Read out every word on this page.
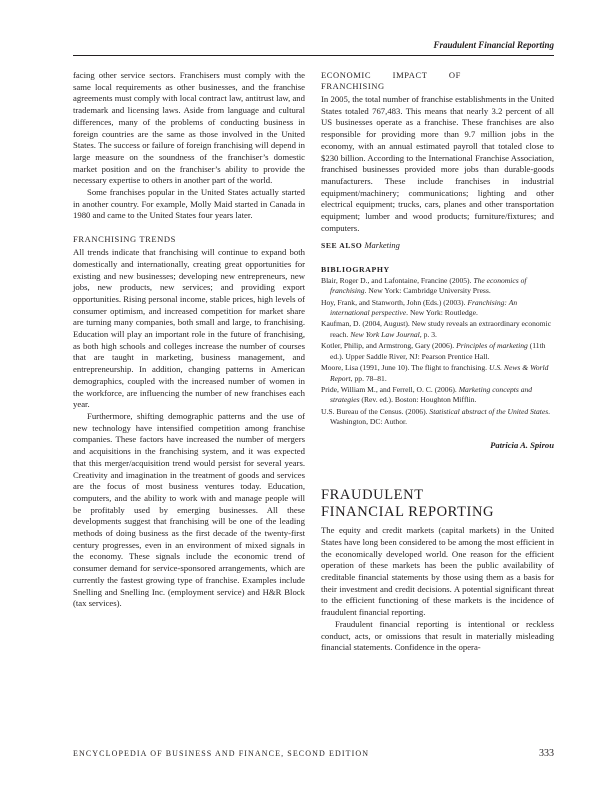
Fraudulent Financial Reporting

facing other service sectors. Franchisers must comply with the same local requirements as other businesses, and the franchise agreements must comply with local contract law, antitrust law, and trademark and licensing laws. Aside from language and cultural differences, many of the problems of conducting business in foreign countries are the same as those involved in the United States. The success or failure of foreign franchising will depend in large measure on the soundness of the franchiser’s domestic market position and on the franchiser’s ability to provide the necessary expertise to others in another part of the world.

Some franchises popular in the United States actually started in another country. For example, Molly Maid started in Canada in 1980 and came to the United States four years later.

FRANCHISING TRENDS

All trends indicate that franchising will continue to expand both domestically and internationally, creating great opportunities for existing and new businesses; developing new entrepreneurs, new jobs, new products, new services; and providing export opportunities. Rising personal income, stable prices, high levels of consumer optimism, and increased competition for market share are turning many companies, both small and large, to franchising. Education will play an important role in the future of franchising, as both high schools and colleges increase the number of courses that are taught in marketing, business management, and entrepreneurship. In addition, changing patterns in American demographics, coupled with the increased number of women in the workforce, are influencing the number of new franchises each year.

Furthermore, shifting demographic patterns and the use of new technology have intensified competition among franchise companies. These factors have increased the number of mergers and acquisitions in the franchising system, and it was expected that this merger/acquisition trend would persist for several years. Creativity and imagination in the treatment of goods and services are the focus of most business ventures today. Education, computers, and the ability to work with and manage people will be profitably used by emerging businesses. All these developments suggest that franchising will be one of the leading methods of doing business as the first decade of the twenty-first century progresses, even in an environment of mixed signals in the economy. These signals include the economic trend of consumer demand for service-sponsored arrangements, which are currently the fastest growing type of franchise. Examples include Snelling and Snelling Inc. (employment service) and H&R Block (tax services).

ECONOMIC IMPACT OF FRANCHISING

In 2005, the total number of franchise establishments in the United States totaled 767,483. This means that nearly 3.2 percent of all US businesses operate as a franchise. These franchises are also responsible for providing more than 9.7 million jobs in the economy, with an annual estimated payroll that totaled close to $230 billion. According to the International Franchise Association, franchised businesses provided more jobs than durable-goods manufacturers. These include franchises in industrial equipment/machinery; communications; lighting and other electrical equipment; trucks, cars, planes and other transportation equipment; lumber and wood products; furniture/fixtures; and computers.

SEE ALSO Marketing
BIBLIOGRAPHY

Blair, Roger D., and Lafontaine, Francine (2005). The economics of franchising. New York: Cambridge University Press.

Hoy, Frank, and Stanworth, John (Eds.) (2003). Franchising: An international perspective. New York: Routledge.

Kaufman, D. (2004, August). New study reveals an extraordinary economic reach. New York Law Journal, p. 3.

Kotler, Philip, and Armstrong, Gary (2006). Principles of marketing (11th ed.). Upper Saddle River, NJ: Pearson Prentice Hall.

Moore, Lisa (1991, June 10). The flight to franchising. U.S. News & World Report, pp. 78–81.

Pride, William M., and Ferrell, O. C. (2006). Marketing concepts and strategies (Rev. ed.). Boston: Houghton Mifflin.

U.S. Bureau of the Census. (2006). Statistical abstract of the United States. Washington, DC: Author.

Patricia A. Spirou
FRAUDULENT
FINANCIAL REPORTING

The equity and credit markets (capital markets) in the United States have long been considered to be among the most efficient in the economically developed world. One reason for the efficient operation of these markets has been the public availability of creditable financial statements by those using them as a basis for their investment and credit decisions. A potential significant threat to the efficient functioning of these markets is the incidence of fraudulent financial reporting.

Fraudulent financial reporting is intentional or reckless conduct, acts, or omissions that result in materially misleading financial statements. Confidence in the opera-

ENCYCLOPEDIA OF BUSINESS AND FINANCE, SECOND EDITION	333
